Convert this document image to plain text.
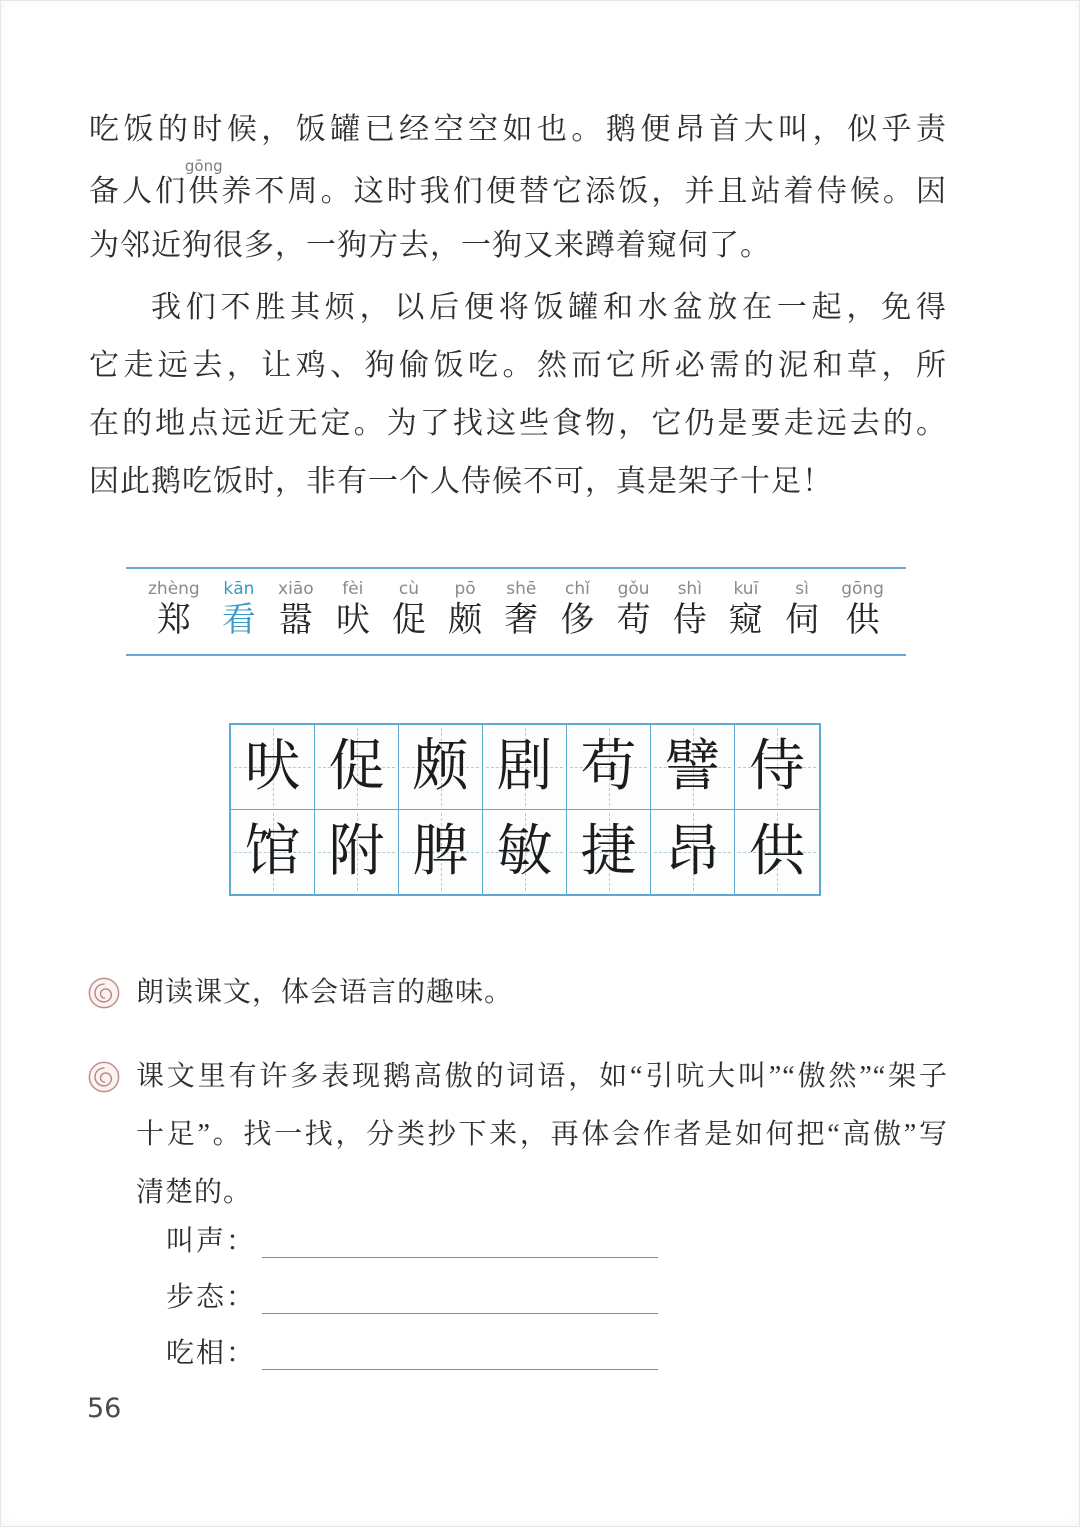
吃饭的时候，饭罐已经空空如也。鹅便昂首大叫，似乎责
备人们供gōng养不周。这时我们便替它添饭，并且站着侍候。因
为邻近狗很多，一狗方去，一狗又来蹲着窥伺了。
我们不胜其烦，以后便将饭罐和水盆放在一起，免得
它走远去，让鸡、狗偷饭吃。然而它所必需的泥和草，所
在的地点远近无定。为了找这些食物，它仍是要走远去的。
因此鹅吃饭时，非有一个人侍候不可，真是架子十足！
zhèng
郑
kān
看
xiāo
嚣
fèi
吠
cù
促
pō
颇
shē
奢
chǐ
侈
gǒu
苟
shì
侍
kuī
窥
sì
伺
gōng
供
吠 促 颇 剧 苟 譬 侍
馆 附 脾 敏 捷 昂 供
朗读课文，体会语言的趣味。
课文里有许多表现鹅高傲的词语，如“引吭大叫”“傲然”“架子
十足”。找一找，分类抄下来，再体会作者是如何把“高傲”写
清楚的。
叫声：
步态：
吃相：
56
